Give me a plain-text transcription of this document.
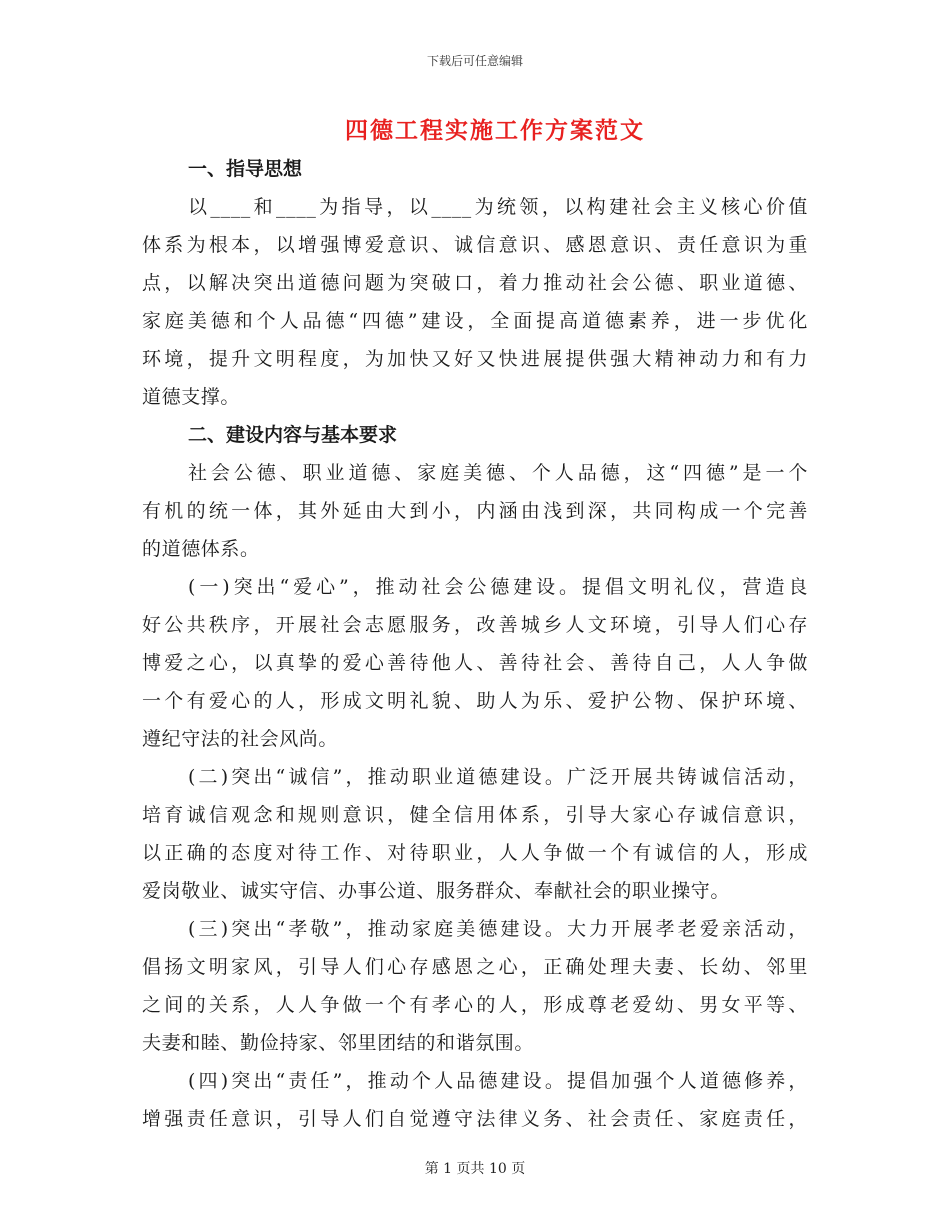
下载后可任意编辑
四德工程实施工作方案范文
一、指导思想
以____和____为指导，以____为统领，以构建社会主义核心价值
体系为根本，以增强博爱意识、诚信意识、感恩意识、责任意识为重
点，以解决突出道德问题为突破口，着力推动社会公德、职业道德、
家庭美德和个人品德“四德”建设，全面提高道德素养，进一步优化
环境，提升文明程度，为加快又好又快进展提供强大精神动力和有力
道德支撑。
二、建设内容与基本要求
社会公德、职业道德、家庭美德、个人品德，这“四德”是一个
有机的统一体，其外延由大到小，内涵由浅到深，共同构成一个完善
的道德体系。
(一)突出“爱心”，推动社会公德建设。提倡文明礼仪，营造良
好公共秩序，开展社会志愿服务，改善城乡人文环境，引导人们心存
博爱之心，以真挚的爱心善待他人、善待社会、善待自己，人人争做
一个有爱心的人，形成文明礼貌、助人为乐、爱护公物、保护环境、
遵纪守法的社会风尚。
(二)突出“诚信”，推动职业道德建设。广泛开展共铸诚信活动，
培育诚信观念和规则意识，健全信用体系，引导大家心存诚信意识，
以正确的态度对待工作、对待职业，人人争做一个有诚信的人，形成
爱岗敬业、诚实守信、办事公道、服务群众、奉献社会的职业操守。
(三)突出“孝敬”，推动家庭美德建设。大力开展孝老爱亲活动，
倡扬文明家风，引导人们心存感恩之心，正确处理夫妻、长幼、邻里
之间的关系，人人争做一个有孝心的人，形成尊老爱幼、男女平等、
夫妻和睦、勤俭持家、邻里团结的和谐氛围。
(四)突出“责任”，推动个人品德建设。提倡加强个人道德修养，
增强责任意识，引导人们自觉遵守法律义务、社会责任、家庭责任，
第 1 页共 10 页
